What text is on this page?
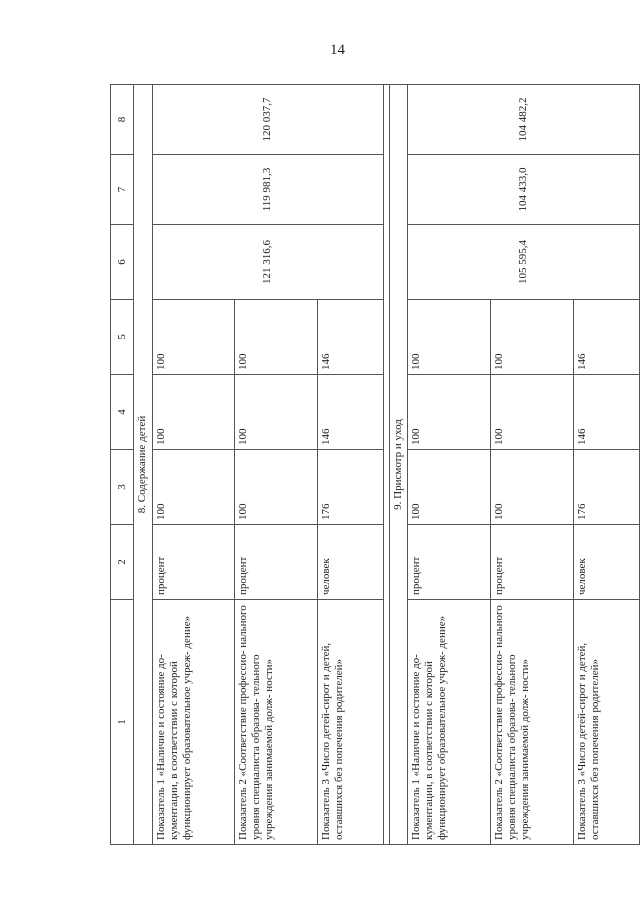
14
1	2	3	4	5	6	7	8
8. Содержание детей							
Показатель 1 «Наличие и состояние до- кументации, в соответствии с которой функционирует образовательное учреж- дение»	процент	100	100	100	121 316,6	119 981,3	120 037,7
Показатель 2 «Соответствие профессио- нального уровня специалиста образова- тельного учреждения занимаемой долж- ности»	процент	100	100	100			
Показатель 3 «Число детей-сирот и детей, оставшихся без попечения родителей»	человек	176	146	146			

9. Присмотр и уход							
Показатель 1 «Наличие и состояние до- кументации, в соответствии с которой функционирует образовательное учреж- дение»	процент	100	100	100	105 595,4	104 433,0	104 482,2
Показатель 2 «Соответствие профессио- нального уровня специалиста образова- тельного учреждения занимаемой долж- ности»	процент	100	100	100			
Показатель 3 «Число детей-сирот и детей, оставшихся без попечения родителей»	человек	176	146	146			
